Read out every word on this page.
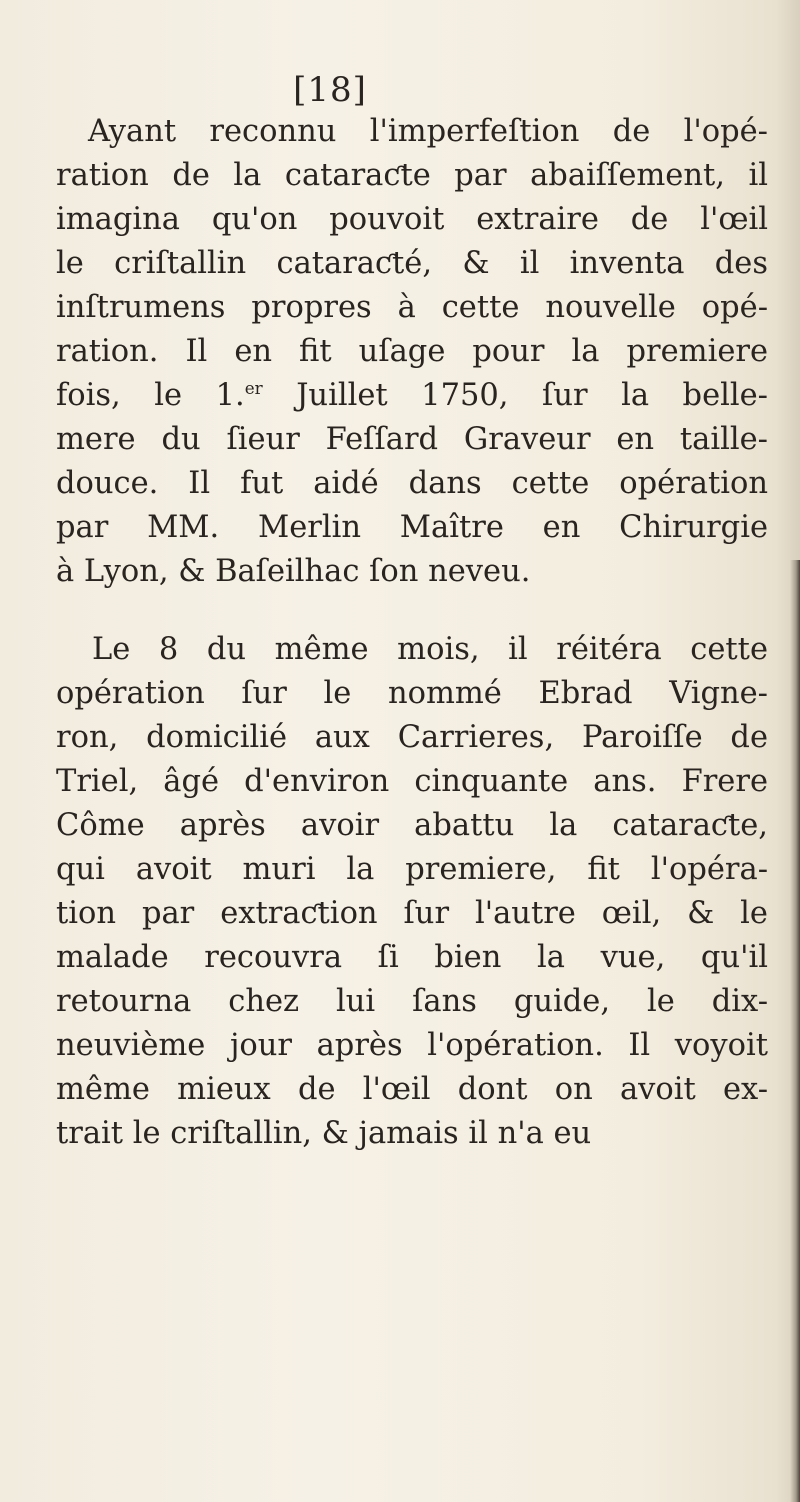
[18]

Ayant reconnu l'imperfeſtion de l'opé-
ration de la cataraƈte par abaiſſement, il
imagina qu'on pouvoit extraire de l'œil
le criſtallin cataraƈté, & il inventa des
inſtrumens propres à cette nouvelle opé-
ration. Il en fit uſage pour la premiere
fois, le 1.$^{er}$ Juillet 1750, ſur la belle-
mere du ſieur Feſſard Graveur en taille-
douce. Il fut aidé dans cette opération
par MM. Merlin Maître en Chirurgie
à Lyon, & Baſeilhac ſon neveu.

Le 8 du même mois, il réitéra cette
opération ſur le nommé Ebrad Vigne-
ron, domicilié aux Carrieres, Paroiſſe de
Triel, âgé d'environ cinquante ans. Frere
Côme après avoir abattu la cataraƈte,
qui avoit muri la premiere, fit l'opéra-
tion par extraƈtion ſur l'autre œil, & le
malade recouvra ſi bien la vue, qu'il
retourna chez lui ſans guide, le dix-
neuvième jour après l'opération. Il voyoit
même mieux de l'œil dont on avoit ex-
trait le criſtallin, & jamais il n'a eu
